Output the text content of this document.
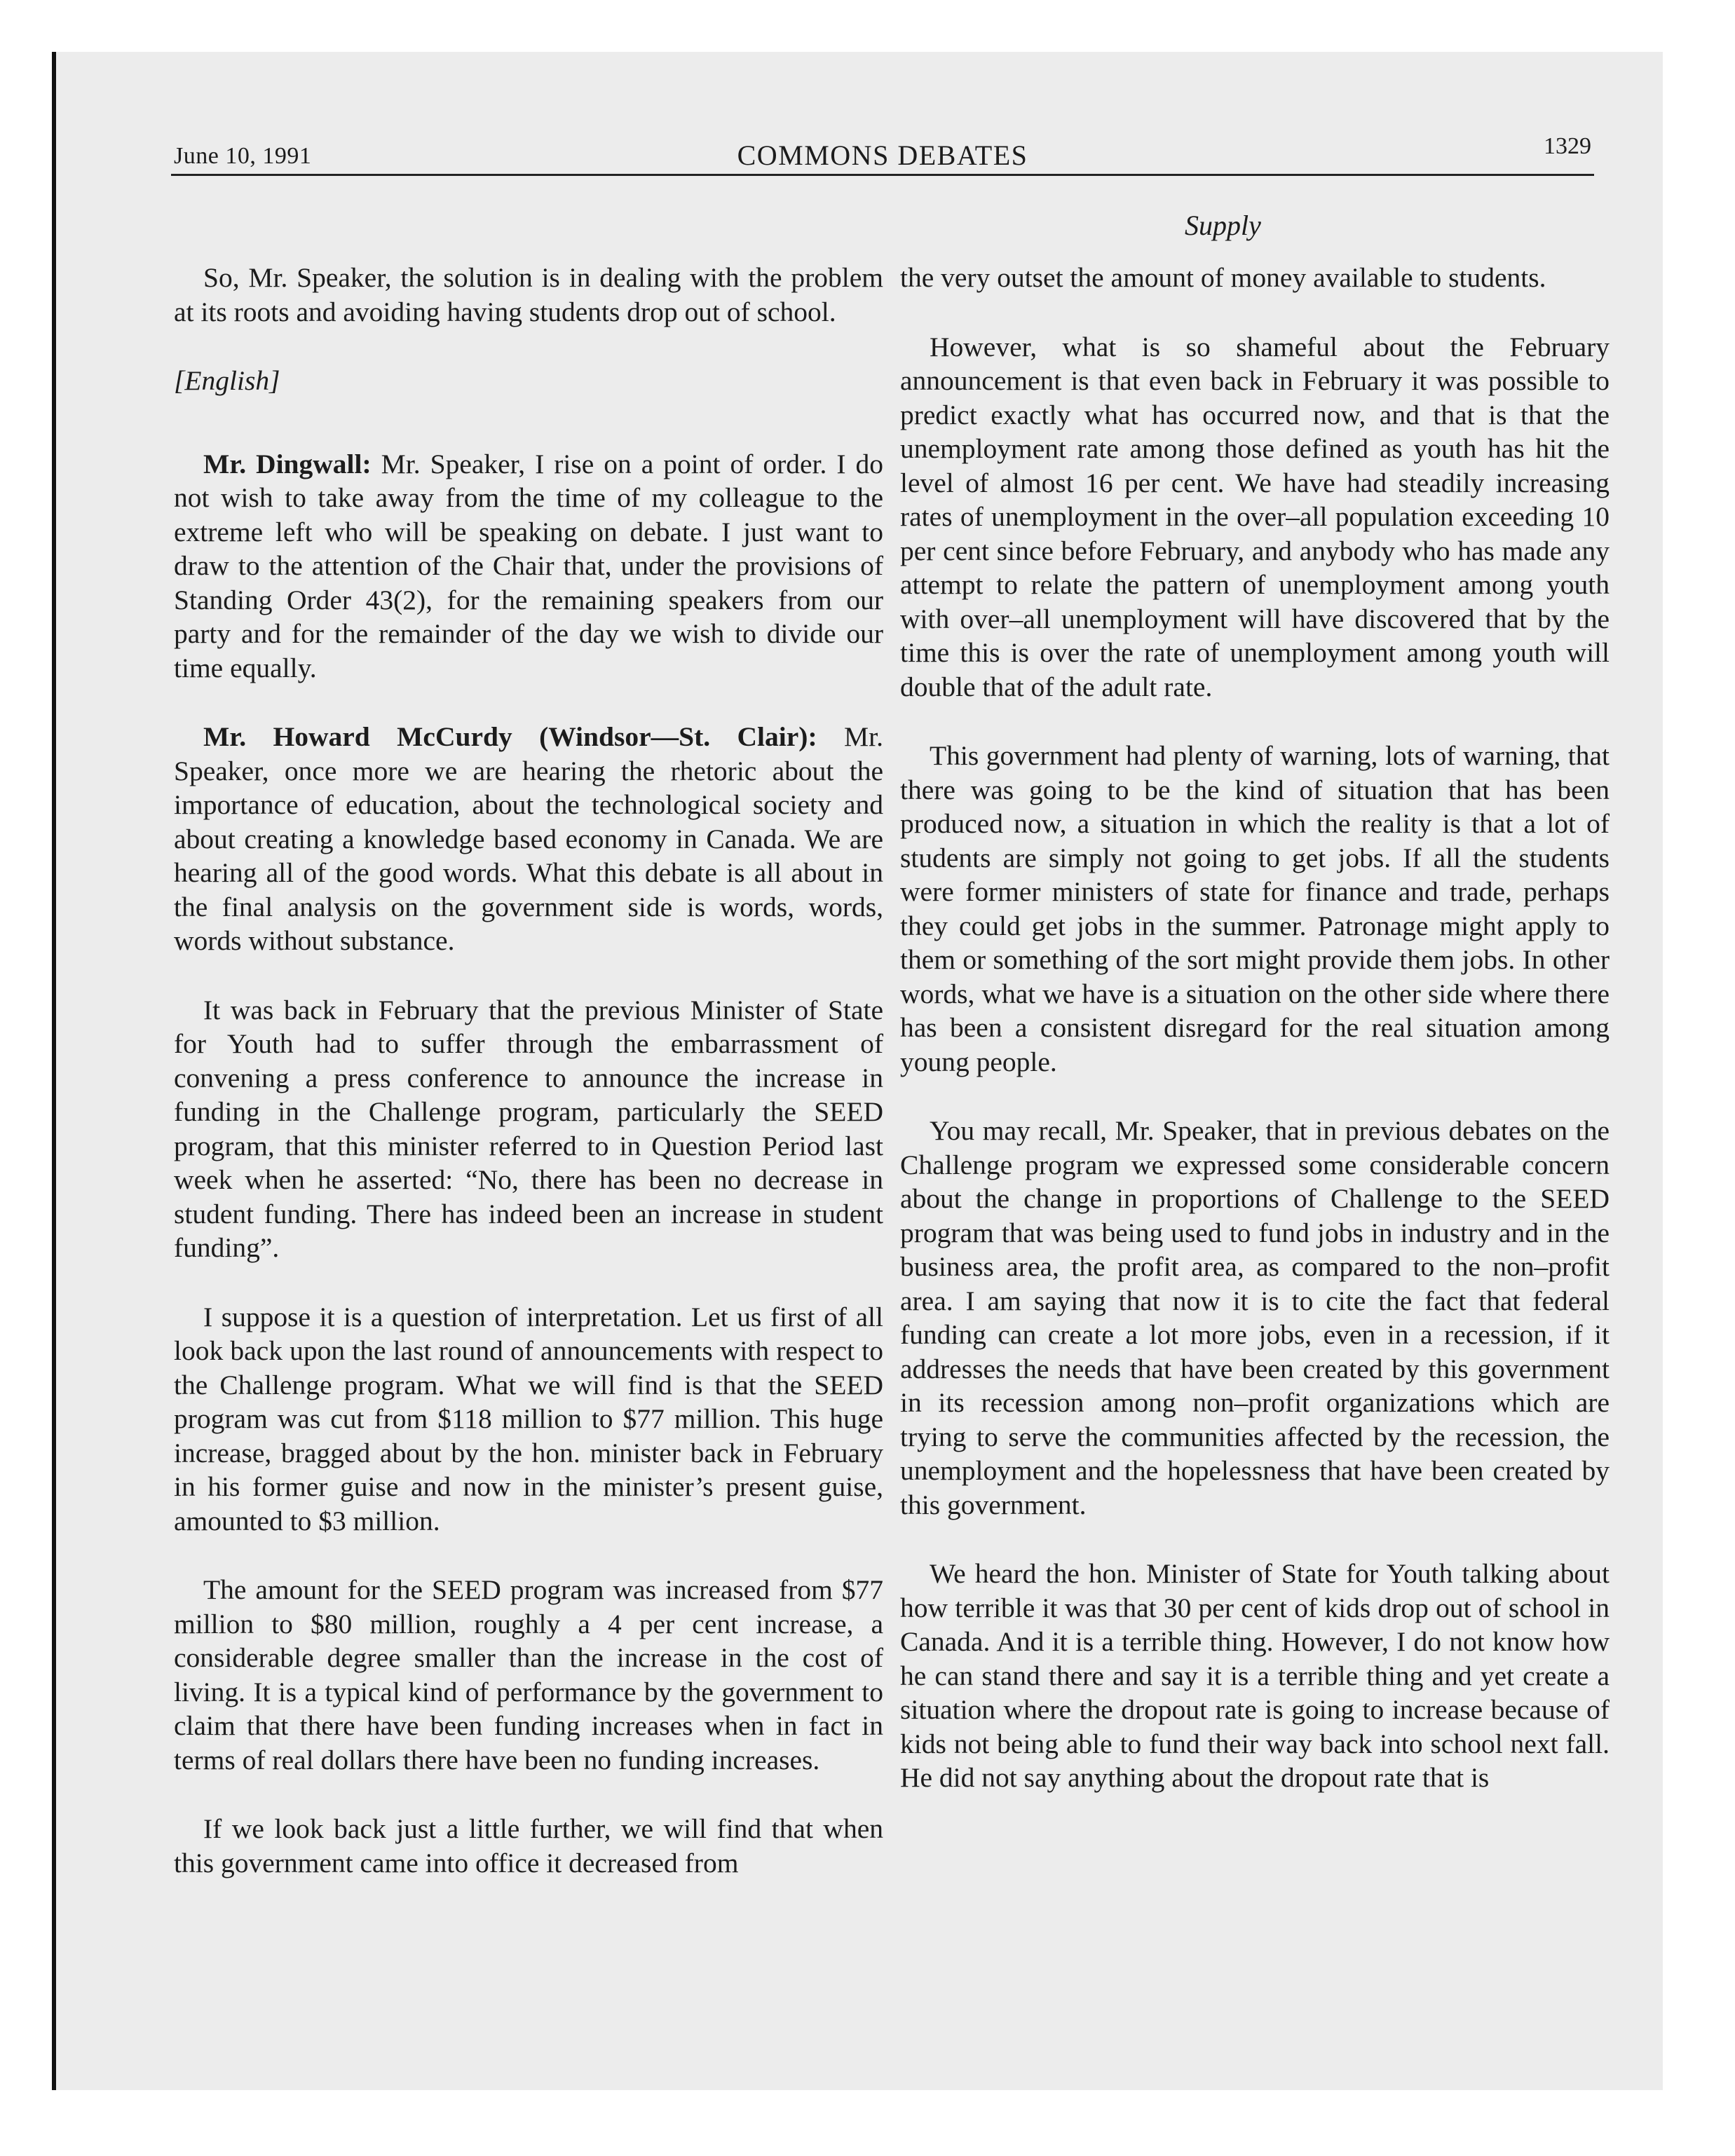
June 10, 1991	COMMONS DEBATES	1329
Supply

So, Mr. Speaker, the solution is in dealing with the problem at its roots and avoiding having students drop out of school.

[English]

Mr. Dingwall: Mr. Speaker, I rise on a point of order. I do not wish to take away from the time of my colleague to the extreme left who will be speaking on debate. I just want to draw to the attention of the Chair that, under the provisions of Standing Order 43(2), for the remaining speakers from our party and for the remainder of the day we wish to divide our time equally.

Mr. Howard McCurdy (Windsor—St. Clair): Mr. Speaker, once more we are hearing the rhetoric about the importance of education, about the technological society and about creating a knowledge based economy in Canada. We are hearing all of the good words. What this debate is all about in the final analysis on the government side is words, words, words without substance.

It was back in February that the previous Minister of State for Youth had to suffer through the embarrassment of convening a press conference to announce the increase in funding in the Challenge program, particularly the SEED program, that this minister referred to in Question Period last week when he asserted: “No, there has been no decrease in student funding. There has indeed been an increase in student funding”.

I suppose it is a question of interpretation. Let us first of all look back upon the last round of announcements with respect to the Challenge program. What we will find is that the SEED program was cut from $118 million to $77 million. This huge increase, bragged about by the hon. minister back in February in his former guise and now in the minister’s present guise, amounted to $3 million.

The amount for the SEED program was increased from $77 million to $80 million, roughly a 4 per cent increase, a considerable degree smaller than the increase in the cost of living. It is a typical kind of performance by the government to claim that there have been funding increases when in fact in terms of real dollars there have been no funding increases.

If we look back just a little further, we will find that when this government came into office it decreased from

the very outset the amount of money available to students.

However, what is so shameful about the February announcement is that even back in February it was possible to predict exactly what has occurred now, and that is that the unemployment rate among those defined as youth has hit the level of almost 16 per cent. We have had steadily increasing rates of unemployment in the over–all population exceeding 10 per cent since before February, and anybody who has made any attempt to relate the pattern of unemployment among youth with over–all unemployment will have discovered that by the time this is over the rate of unemployment among youth will double that of the adult rate.

This government had plenty of warning, lots of warning, that there was going to be the kind of situation that has been produced now, a situation in which the reality is that a lot of students are simply not going to get jobs. If all the students were former ministers of state for finance and trade, perhaps they could get jobs in the summer. Patronage might apply to them or something of the sort might provide them jobs. In other words, what we have is a situation on the other side where there has been a consistent disregard for the real situation among young people.

You may recall, Mr. Speaker, that in previous debates on the Challenge program we expressed some considerable concern about the change in proportions of Challenge to the SEED program that was being used to fund jobs in industry and in the business area, the profit area, as compared to the non–profit area. I am saying that now it is to cite the fact that federal funding can create a lot more jobs, even in a recession, if it addresses the needs that have been created by this government in its recession among non–profit organizations which are trying to serve the communities affected by the recession, the unemployment and the hopelessness that have been created by this government.

We heard the hon. Minister of State for Youth talking about how terrible it was that 30 per cent of kids drop out of school in Canada. And it is a terrible thing. However, I do not know how he can stand there and say it is a terrible thing and yet create a situation where the dropout rate is going to increase because of kids not being able to fund their way back into school next fall. He did not say anything about the dropout rate that is
